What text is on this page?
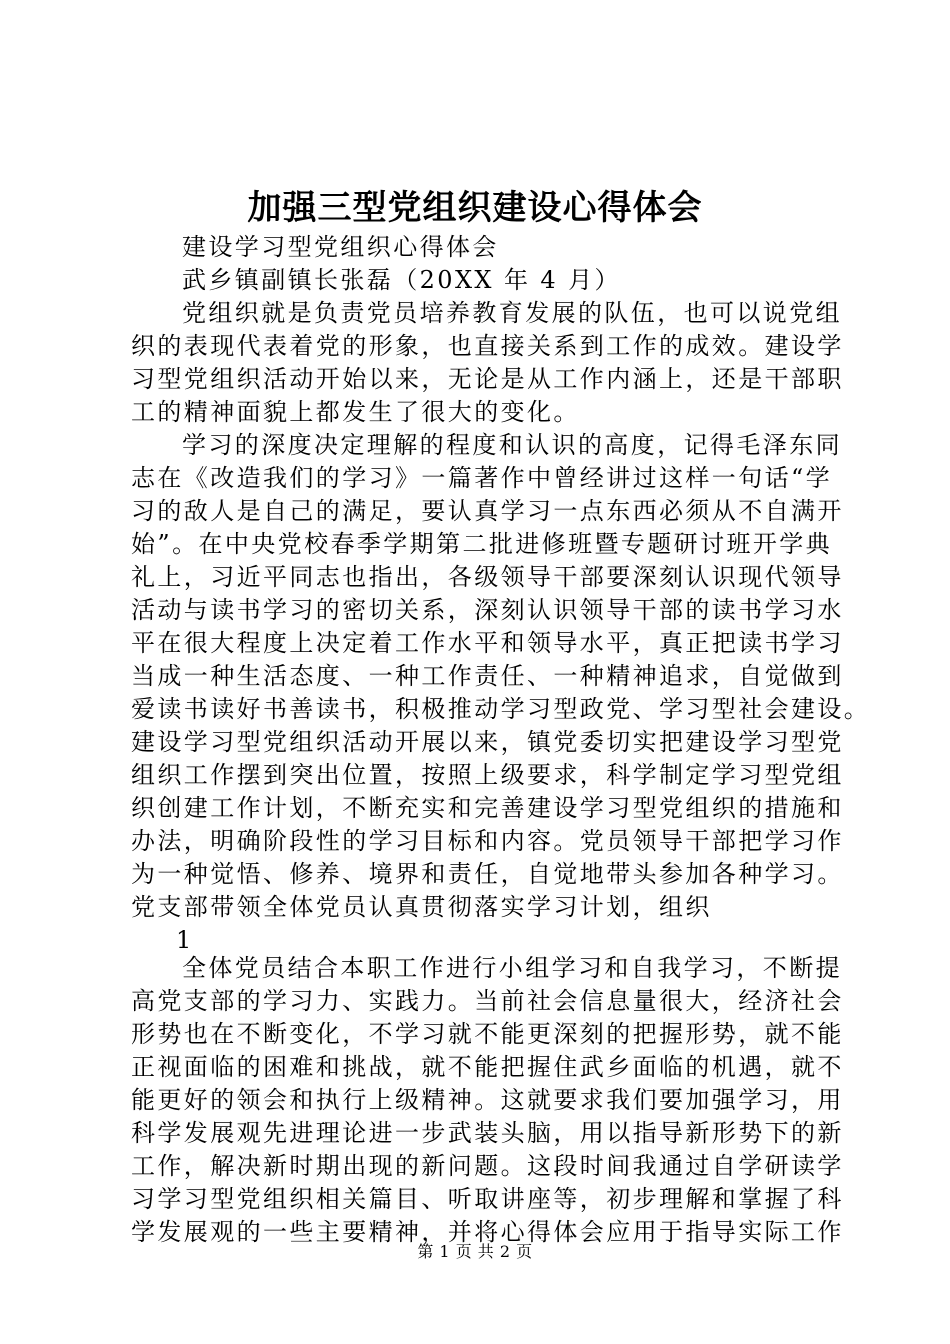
加强三型党组织建设心得体会
建设学习型党组织心得体会
武乡镇副镇长张磊（20XX 年 4 月）
党组织就是负责党员培养教育发展的队伍，也可以说党组
织的表现代表着党的形象，也直接关系到工作的成效。建设学
习型党组织活动开始以来，无论是从工作内涵上，还是干部职
工的精神面貌上都发生了很大的变化。
学习的深度决定理解的程度和认识的高度，记得毛泽东同
志在《改造我们的学习》一篇著作中曾经讲过这样一句话“学
习的敌人是自己的满足，要认真学习一点东西必须从不自满开
始”。在中央党校春季学期第二批进修班暨专题研讨班开学典
礼上，习近平同志也指出，各级领导干部要深刻认识现代领导
活动与读书学习的密切关系，深刻认识领导干部的读书学习水
平在很大程度上决定着工作水平和领导水平，真正把读书学习
当成一种生活态度、一种工作责任、一种精神追求，自觉做到
爱读书读好书善读书，积极推动学习型政党、学习型社会建设。
建设学习型党组织活动开展以来，镇党委切实把建设学习型党
组织工作摆到突出位置，按照上级要求，科学制定学习型党组
织创建工作计划，不断充实和完善建设学习型党组织的措施和
办法，明确阶段性的学习目标和内容。党员领导干部把学习作
为一种觉悟、修养、境界和责任，自觉地带头参加各种学习。
党支部带领全体党员认真贯彻落实学习计划，组织
1
全体党员结合本职工作进行小组学习和自我学习，不断提
高党支部的学习力、实践力。当前社会信息量很大，经济社会
形势也在不断变化，不学习就不能更深刻的把握形势，就不能
正视面临的困难和挑战，就不能把握住武乡面临的机遇，就不
能更好的领会和执行上级精神。这就要求我们要加强学习，用
科学发展观先进理论进一步武装头脑，用以指导新形势下的新
工作，解决新时期出现的新问题。这段时间我通过自学研读学
习学习型党组织相关篇目、听取讲座等，初步理解和掌握了科
学发展观的一些主要精神，并将心得体会应用于指导实际工作
第 1 页 共 2 页
